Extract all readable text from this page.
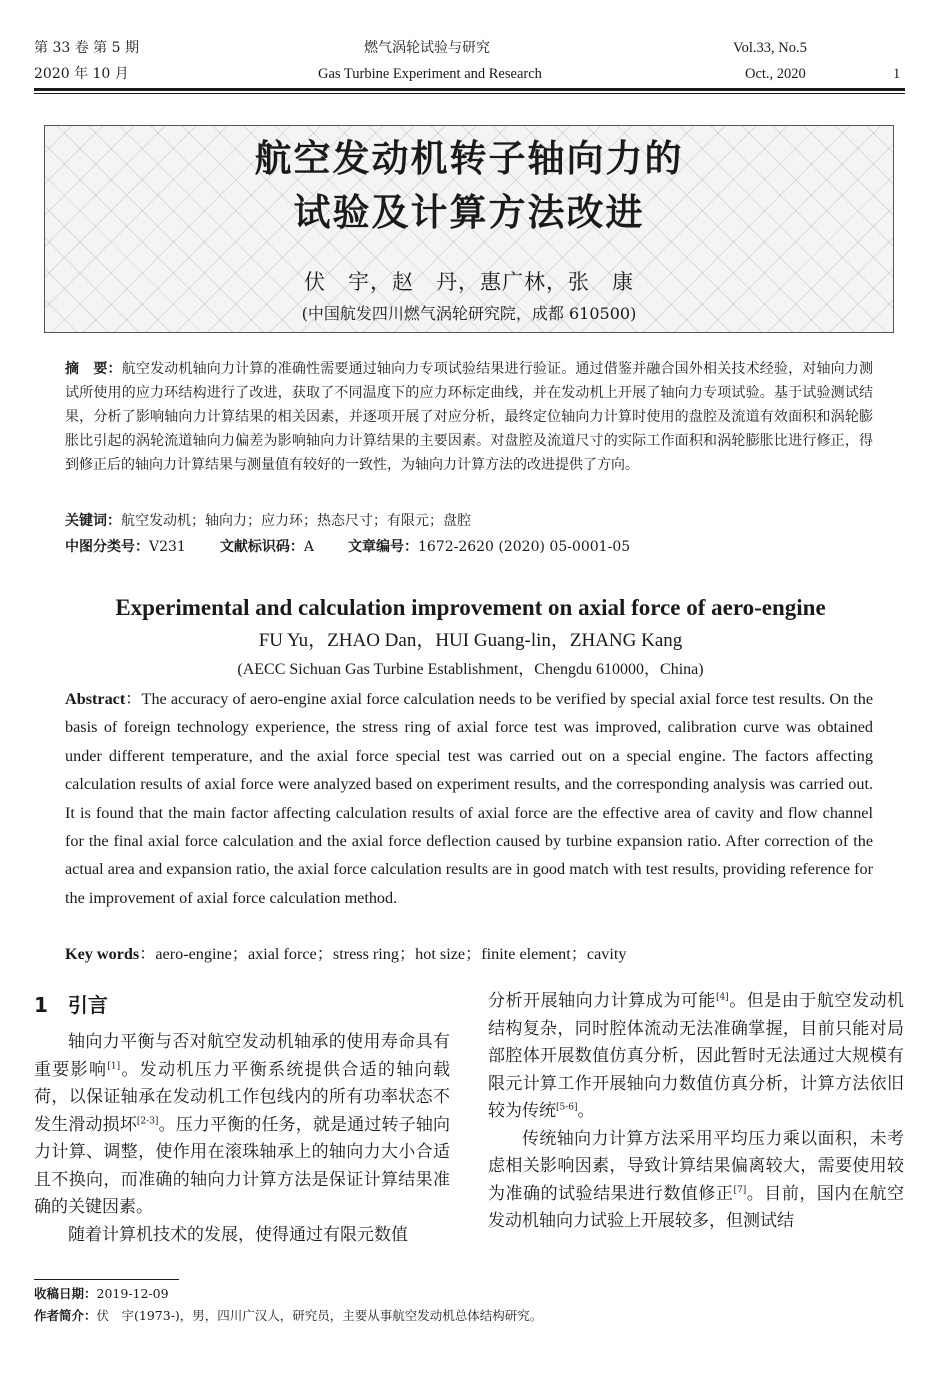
第 33 卷 第 5 期
2020 年 10 月
燃气涡轮试验与研究
Gas Turbine Experiment and Research
Vol.33, No.5
Oct., 2020	1
航空发动机转子轴向力的
试验及计算方法改进
伏　宇，赵　丹，惠广林，张　康
(中国航发四川燃气涡轮研究院，成都 610500)
摘　要：航空发动机轴向力计算的准确性需要通过轴向力专项试验结果进行验证。通过借鉴并融合国外相关技术经验，对轴向力测试所使用的应力环结构进行了改进，获取了不同温度下的应力环标定曲线，并在发动机上开展了轴向力专项试验。基于试验测试结果，分析了影响轴向力计算结果的相关因素，并逐项开展了对应分析，最终定位轴向力计算时使用的盘腔及流道有效面积和涡轮膨胀比引起的涡轮流道轴向力偏差为影响轴向力计算结果的主要因素。对盘腔及流道尺寸的实际工作面积和涡轮膨胀比进行修正，得到修正后的轴向力计算结果与测量值有较好的一致性，为轴向力计算方法的改进提供了方向。
关键词：航空发动机；轴向力；应力环；热态尺寸；有限元；盘腔
中图分类号：V231 文献标识码：A 文章编号：1672-2620 (2020) 05-0001-05
Experimental and calculation improvement on axial force of aero-engine
FU Yu，ZHAO Dan，HUI Guang-lin，ZHANG Kang
(AECC Sichuan Gas Turbine Establishment，Chengdu 610000，China)
Abstract：The accuracy of aero-engine axial force calculation needs to be verified by special axial force test results. On the basis of foreign technology experience, the stress ring of axial force test was improved, calibration curve was obtained under different temperature, and the axial force special test was carried out on a special engine. The factors affecting calculation results of axial force were analyzed based on experiment results, and the corresponding analysis was carried out. It is found that the main factor affecting calculation results of axial force are the effective area of cavity and flow channel for the final axial force calculation and the axial force deflection caused by turbine expansion ratio. After correction of the actual area and expansion ratio, the axial force calculation results are in good match with test results, providing reference for the improvement of axial force calculation method.
Key words：aero-engine；axial force；stress ring；hot size；finite element；cavity
1　引言

轴向力平衡与否对航空发动机轴承的使用寿命具有重要影响[1]。发动机压力平衡系统提供合适的轴向载荷，以保证轴承在发动机工作包线内的所有功率状态不发生滑动损坏[2-3]。压力平衡的任务，就是通过转子轴向力计算、调整，使作用在滚珠轴承上的轴向力大小合适且不换向，而准确的轴向力计算方法是保证计算结果准确的关键因素。

随着计算机技术的发展，使得通过有限元数值

分析开展轴向力计算成为可能[4]。但是由于航空发动机结构复杂，同时腔体流动无法准确掌握，目前只能对局部腔体开展数值仿真分析，因此暂时无法通过大规模有限元计算工作开展轴向力数值仿真分析，计算方法依旧较为传统[5-6]。

传统轴向力计算方法采用平均压力乘以面积，未考虑相关影响因素，导致计算结果偏离较大，需要使用较为准确的试验结果进行数值修正[7]。目前，国内在航空发动机轴向力试验上开展较多，但测试结

收稿日期：2019-12-09
作者简介：伏　宇(1973-)，男，四川广汉人，研究员，主要从事航空发动机总体结构研究。
